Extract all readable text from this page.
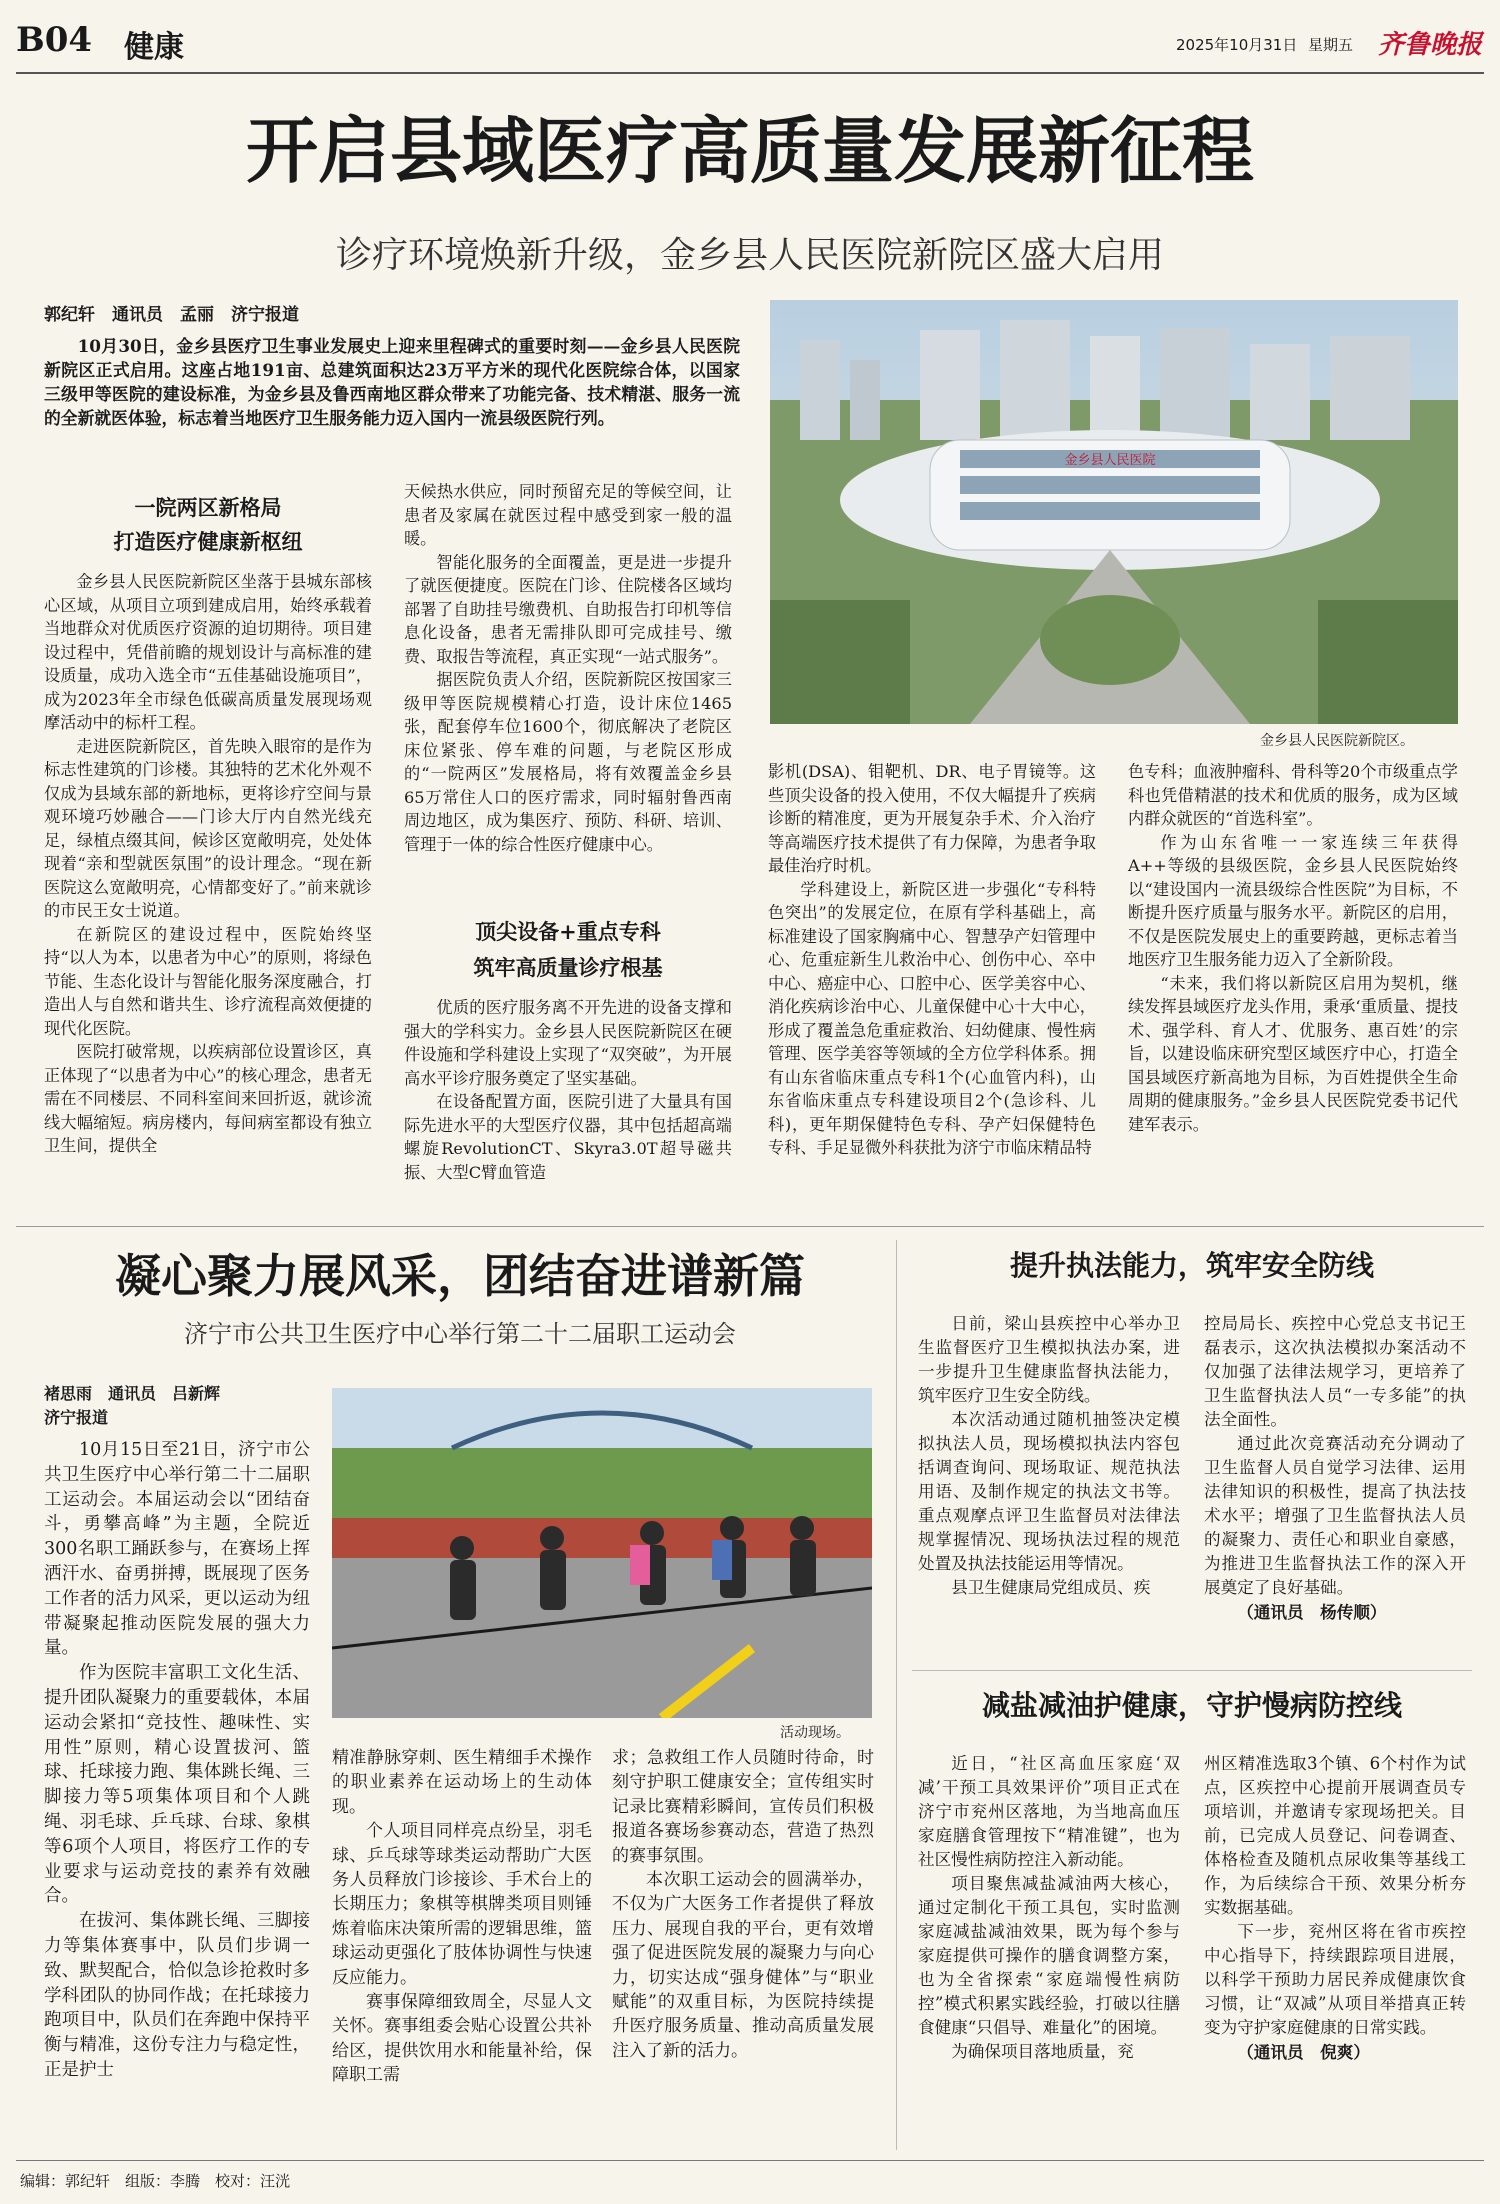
B04 健康	2025年10月31日 星期五 齐鲁晚报
开启县域医疗高质量发展新征程
诊疗环境焕新升级，金乡县人民医院新院区盛大启用
郭纪轩　通讯员　孟丽　济宁报道

10月30日，金乡县医疗卫生事业发展史上迎来里程碑式的重要时刻——金乡县人民医院新院区正式启用。这座占地191亩、总建筑面积达23万平方米的现代化医院综合体，以国家三级甲等医院的建设标准，为金乡县及鲁西南地区群众带来了功能完备、技术精湛、服务一流的全新就医体验，标志着当地医疗卫生服务能力迈入国内一流县级医院行列。

金乡县人民医院
金乡县人民医院新院区。
一院两区新格局
打造医疗健康新枢纽

金乡县人民医院新院区坐落于县城东部核心区域，从项目立项到建成启用，始终承载着当地群众对优质医疗资源的迫切期待。项目建设过程中，凭借前瞻的规划设计与高标准的建设质量，成功入选全市“五佳基础设施项目”，成为2023年全市绿色低碳高质量发展现场观摩活动中的标杆工程。

走进医院新院区，首先映入眼帘的是作为标志性建筑的门诊楼。其独特的艺术化外观不仅成为县域东部的新地标，更将诊疗空间与景观环境巧妙融合——门诊大厅内自然光线充足，绿植点缀其间，候诊区宽敞明亮，处处体现着“亲和型就医氛围”的设计理念。“现在新医院这么宽敞明亮，心情都变好了。”前来就诊的市民王女士说道。

在新院区的建设过程中，医院始终坚持“以人为本，以患者为中心”的原则，将绿色节能、生态化设计与智能化服务深度融合，打造出人与自然和谐共生、诊疗流程高效便捷的现代化医院。

医院打破常规，以疾病部位设置诊区，真正体现了“以患者为中心”的核心理念，患者无需在不同楼层、不同科室间来回折返，就诊流线大幅缩短。病房楼内，每间病室都设有独立卫生间，提供全

天候热水供应，同时预留充足的等候空间，让患者及家属在就医过程中感受到家一般的温暖。

智能化服务的全面覆盖，更是进一步提升了就医便捷度。医院在门诊、住院楼各区域均部署了自助挂号缴费机、自助报告打印机等信息化设备，患者无需排队即可完成挂号、缴费、取报告等流程，真正实现“一站式服务”。

据医院负责人介绍，医院新院区按国家三级甲等医院规模精心打造，设计床位1465张，配套停车位1600个，彻底解决了老院区床位紧张、停车难的问题，与老院区形成的“一院两区”发展格局，将有效覆盖金乡县65万常住人口的医疗需求，同时辐射鲁西南周边地区，成为集医疗、预防、科研、培训、管理于一体的综合性医疗健康中心。

顶尖设备+重点专科
筑牢高质量诊疗根基

优质的医疗服务离不开先进的设备支撑和强大的学科实力。金乡县人民医院新院区在硬件设施和学科建设上实现了“双突破”，为开展高水平诊疗服务奠定了坚实基础。

在设备配置方面，医院引进了大量具有国际先进水平的大型医疗仪器，其中包括超高端螺旋RevolutionCT、Skyra3.0T超导磁共振、大型C臂血管造

影机(DSA)、钼靶机、DR、电子胃镜等。这些顶尖设备的投入使用，不仅大幅提升了疾病诊断的精准度，更为开展复杂手术、介入治疗等高端医疗技术提供了有力保障，为患者争取最佳治疗时机。

学科建设上，新院区进一步强化“专科特色突出”的发展定位，在原有学科基础上，高标准建设了国家胸痛中心、智慧孕产妇管理中心、危重症新生儿救治中心、创伤中心、卒中中心、癌症中心、口腔中心、医学美容中心、消化疾病诊治中心、儿童保健中心十大中心，形成了覆盖急危重症救治、妇幼健康、慢性病管理、医学美容等领域的全方位学科体系。拥有山东省临床重点专科1个(心血管内科)，山东省临床重点专科建设项目2个(急诊科、儿科)，更年期保健特色专科、孕产妇保健特色专科、手足显微外科获批为济宁市临床精品特

色专科；血液肿瘤科、骨科等20个市级重点学科也凭借精湛的技术和优质的服务，成为区域内群众就医的“首选科室”。

作为山东省唯一一家连续三年获得A++等级的县级医院，金乡县人民医院始终以“建设国内一流县级综合性医院”为目标，不断提升医疗质量与服务水平。新院区的启用，不仅是医院发展史上的重要跨越，更标志着当地医疗卫生服务能力迈入了全新阶段。

“未来，我们将以新院区启用为契机，继续发挥县域医疗龙头作用，秉承‘重质量、提技术、强学科、育人才、优服务、惠百姓’的宗旨，以建设临床研究型区域医疗中心，打造全国县域医疗新高地为目标，为百姓提供全生命周期的健康服务。”金乡县人民医院党委书记代建军表示。

凝心聚力展风采，团结奋进谱新篇
济宁市公共卫生医疗中心举行第二十二届职工运动会
褚思雨　通讯员　吕新辉
济宁报道
活动现场。

10月15日至21日，济宁市公共卫生医疗中心举行第二十二届职工运动会。本届运动会以“团结奋斗，勇攀高峰”为主题，全院近300名职工踊跃参与，在赛场上挥洒汗水、奋勇拼搏，既展现了医务工作者的活力风采，更以运动为纽带凝聚起推动医院发展的强大力量。

作为医院丰富职工文化生活、提升团队凝聚力的重要载体，本届运动会紧扣“竞技性、趣味性、实用性”原则，精心设置拔河、篮球、托球接力跑、集体跳长绳、三脚接力等5项集体项目和个人跳绳、羽毛球、乒乓球、台球、象棋等6项个人项目，将医疗工作的专业要求与运动竞技的素养有效融合。

在拔河、集体跳长绳、三脚接力等集体赛事中，队员们步调一致、默契配合，恰似急诊抢救时多学科团队的协同作战；在托球接力跑项目中，队员们在奔跑中保持平衡与精准，这份专注力与稳定性，正是护士

精准静脉穿刺、医生精细手术操作的职业素养在运动场上的生动体现。

个人项目同样亮点纷呈，羽毛球、乒乓球等球类运动帮助广大医务人员释放门诊接诊、手术台上的长期压力；象棋等棋牌类项目则锤炼着临床决策所需的逻辑思维，篮球运动更强化了肢体协调性与快速反应能力。

赛事保障细致周全，尽显人文关怀。赛事组委会贴心设置公共补给区，提供饮用水和能量补给，保障职工需

求；急救组工作人员随时待命，时刻守护职工健康安全；宣传组实时记录比赛精彩瞬间，宣传员们积极报道各赛场参赛动态，营造了热烈的赛事氛围。

本次职工运动会的圆满举办，不仅为广大医务工作者提供了释放压力、展现自我的平台，更有效增强了促进医院发展的凝聚力与向心力，切实达成“强身健体”与“职业赋能”的双重目标，为医院持续提升医疗服务质量、推动高质量发展注入了新的活力。

提升执法能力，筑牢安全防线

日前，梁山县疾控中心举办卫生监督医疗卫生模拟执法办案，进一步提升卫生健康监督执法能力，筑牢医疗卫生安全防线。

本次活动通过随机抽签决定模拟执法人员，现场模拟执法内容包括调查询问、现场取证、规范执法用语、及制作规定的执法文书等。重点观摩点评卫生监督员对法律法规掌握情况、现场执法过程的规范处置及执法技能运用等情况。

县卫生健康局党组成员、疾

控局局长、疾控中心党总支书记王磊表示，这次执法模拟办案活动不仅加强了法律法规学习，更培养了卫生监督执法人员“一专多能”的执法全面性。

通过此次竞赛活动充分调动了卫生监督人员自觉学习法律、运用法律知识的积极性，提高了执法技术水平；增强了卫生监督执法人员的凝聚力、责任心和职业自豪感，为推进卫生监督执法工作的深入开展奠定了良好基础。

（通讯员　杨传顺）
减盐减油护健康，守护慢病防控线

近日，“社区高血压家庭‘双减’干预工具效果评价”项目正式在济宁市兖州区落地，为当地高血压家庭膳食管理按下“精准键”，也为社区慢性病防控注入新动能。

项目聚焦减盐减油两大核心，通过定制化干预工具包，实时监测家庭减盐减油效果，既为每个参与家庭提供可操作的膳食调整方案，也为全省探索“家庭端慢性病防控”模式积累实践经验，打破以往膳食健康“只倡导、难量化”的困境。

为确保项目落地质量，兖

州区精准选取3个镇、6个村作为试点，区疾控中心提前开展调查员专项培训，并邀请专家现场把关。目前，已完成人员登记、问卷调查、体格检查及随机点尿收集等基线工作，为后续综合干预、效果分析夯实数据基础。

下一步，兖州区将在省市疾控中心指导下，持续跟踪项目进展，以科学干预助力居民养成健康饮食习惯，让“双减”从项目举措真正转变为守护家庭健康的日常实践。

（通讯员　倪爽）
编辑：郭纪轩　组版：李腾　校对：汪洸
